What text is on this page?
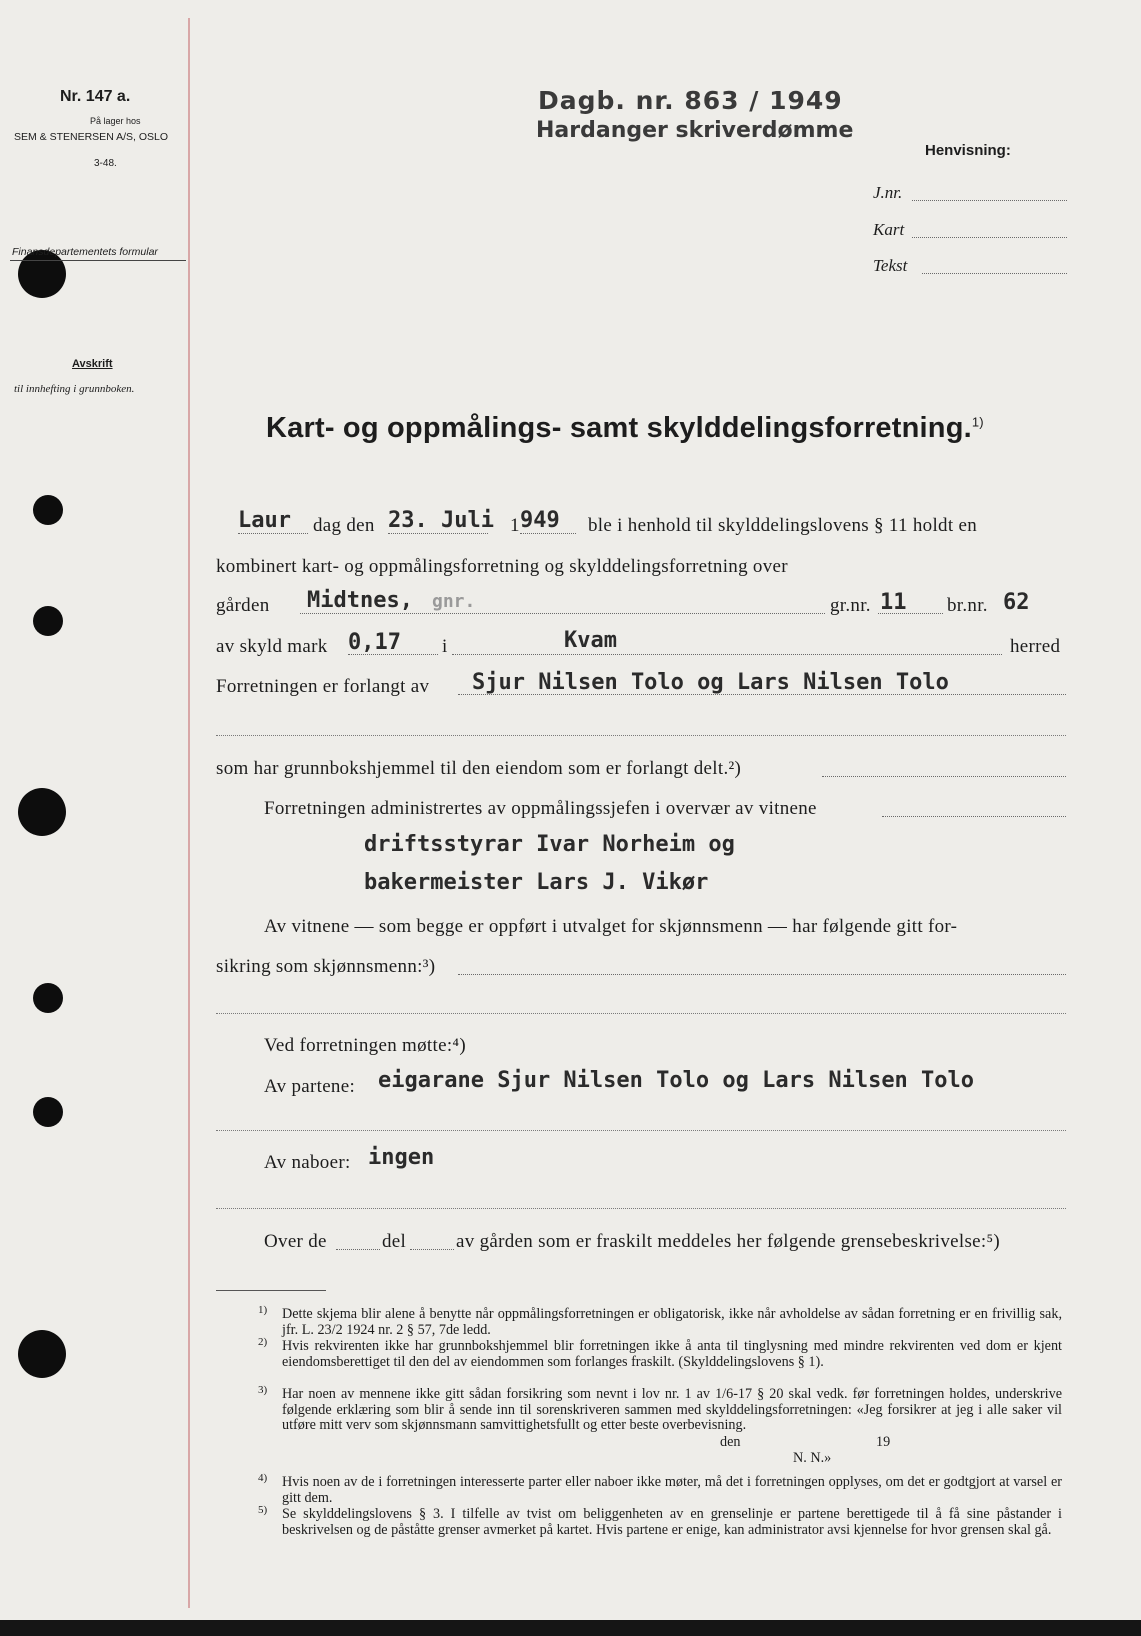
Nr. 147 a.
På lager hos
SEM & STENERSEN A/S, OSLO
3-48.
Finansdepartementets formular
Avskrift
til innhefting i grunnboken.
Dagb. nr. 863 / 1949
Hardanger skriverdømme
Henvisning:
J.nr.
Kart
Tekst
Kart- og oppmålings- samt skylddelingsforretning.$^{1)}$
Laur dag den 23. Juli 1 949 ble i henhold til skylddelingslovens § 11 holdt en
kombinert kart- og oppmålingsforretning og skylddelingsforretning over
gården Midtnes, gnr.	gr.nr. 11 br.nr. 62
av skyld mark 0,17 i	Kvam	herred
Forretningen er forlangt av Sjur Nilsen Tolo og Lars Nilsen Tolo
som har grunnbokshjemmel til den eiendom som er forlangt delt.²)
Forretningen administrertes av oppmålingssjefen i overvær av vitnene
driftsstyrar Ivar Norheim og
bakermeister Lars J. Vikør
Av vitnene — som begge er oppført i utvalget for skjønnsmenn — har følgende gitt for-
sikring som skjønnsmenn:³)
Ved forretningen møtte:⁴)
Av partene: eigarane Sjur Nilsen Tolo og Lars Nilsen Tolo
Av naboer: ingen
Over de	del	av gården som er fraskilt meddeles her følgende grensebeskrivelse:⁵)
1) Dette skjema blir alene å benytte når oppmålingsforretningen er obligatorisk, ikke når avholdelse av sådan forretning er en frivillig sak, jfr. L. 23/2 1924 nr. 2 § 57, 7de ledd.
2) Hvis rekvirenten ikke har grunnbokshjemmel blir forretningen ikke å anta til tinglysning med mindre rekvirenten ved dom er kjent eiendomsberettiget til den del av eiendommen som forlanges fraskilt. (Skylddelingslovens § 1).
3) Har noen av mennene ikke gitt sådan forsikring som nevnt i lov nr. 1 av 1/6-17 § 20 skal vedk. før forretningen holdes, underskrive følgende erklæring som blir å sende inn til sorenskriveren sammen med skylddelingsforretningen: «Jeg forsikrer at jeg i alle saker vil utføre mitt verv som skjønnsmann samvittighetsfullt og etter beste overbevisning.
den	19
N. N.»
4) Hvis noen av de i forretningen interesserte parter eller naboer ikke møter, må det i forretningen opplyses, om det er godtgjort at varsel er gitt dem.
5) Se skylddelingslovens § 3. I tilfelle av tvist om beliggenheten av en grenselinje er partene berettigede til å få sine påstander i beskrivelsen og de påståtte grenser avmerket på kartet. Hvis partene er enige, kan administrator avsi kjennelse for hvor grensen skal gå.
